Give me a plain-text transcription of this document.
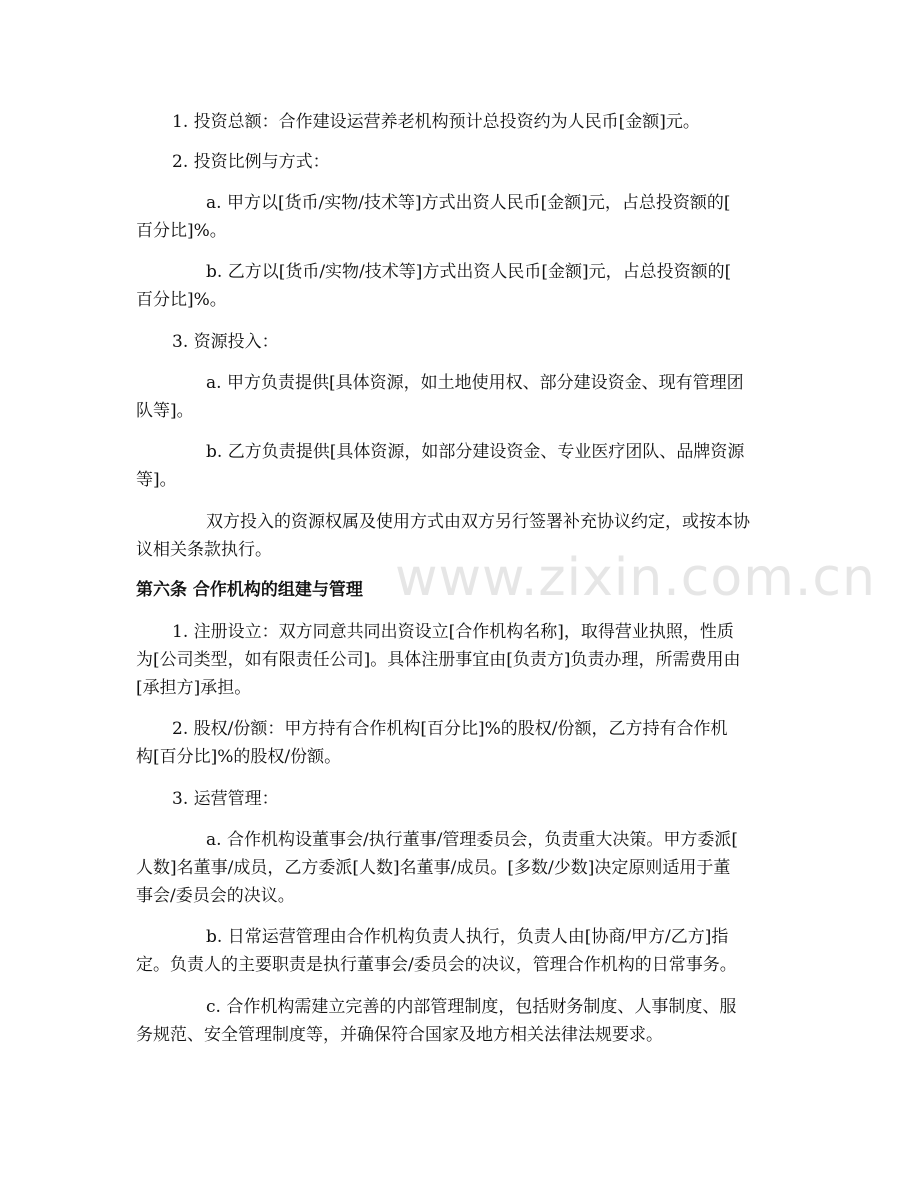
www.zixin.com.cn
1. 投资总额：合作建设运营养老机构预计总投资约为人民币[金额]元。
2. 投资比例与方式：
a. 甲方以[货币/实物/技术等]方式出资人民币[金额]元，占总投资额的[
百分比]%。
b. 乙方以[货币/实物/技术等]方式出资人民币[金额]元，占总投资额的[
百分比]%。
3. 资源投入：
a. 甲方负责提供[具体资源，如土地使用权、部分建设资金、现有管理团
队等]。
b. 乙方负责提供[具体资源，如部分建设资金、专业医疗团队、品牌资源
等]。
双方投入的资源权属及使用方式由双方另行签署补充协议约定，或按本协
议相关条款执行。
第六条 合作机构的组建与管理
1. 注册设立：双方同意共同出资设立[合作机构名称]，取得营业执照，性质
为[公司类型，如有限责任公司]。具体注册事宜由[负责方]负责办理，所需费用由
[承担方]承担。
2. 股权/份额：甲方持有合作机构[百分比]%的股权/份额，乙方持有合作机
构[百分比]%的股权/份额。
3. 运营管理：
a. 合作机构设董事会/执行董事/管理委员会，负责重大决策。甲方委派[
人数]名董事/成员，乙方委派[人数]名董事/成员。[多数/少数]决定原则适用于董
事会/委员会的决议。
b. 日常运营管理由合作机构负责人执行，负责人由[协商/甲方/乙方]指
定。负责人的主要职责是执行董事会/委员会的决议，管理合作机构的日常事务。
c. 合作机构需建立完善的内部管理制度，包括财务制度、人事制度、服
务规范、安全管理制度等，并确保符合国家及地方相关法律法规要求。
